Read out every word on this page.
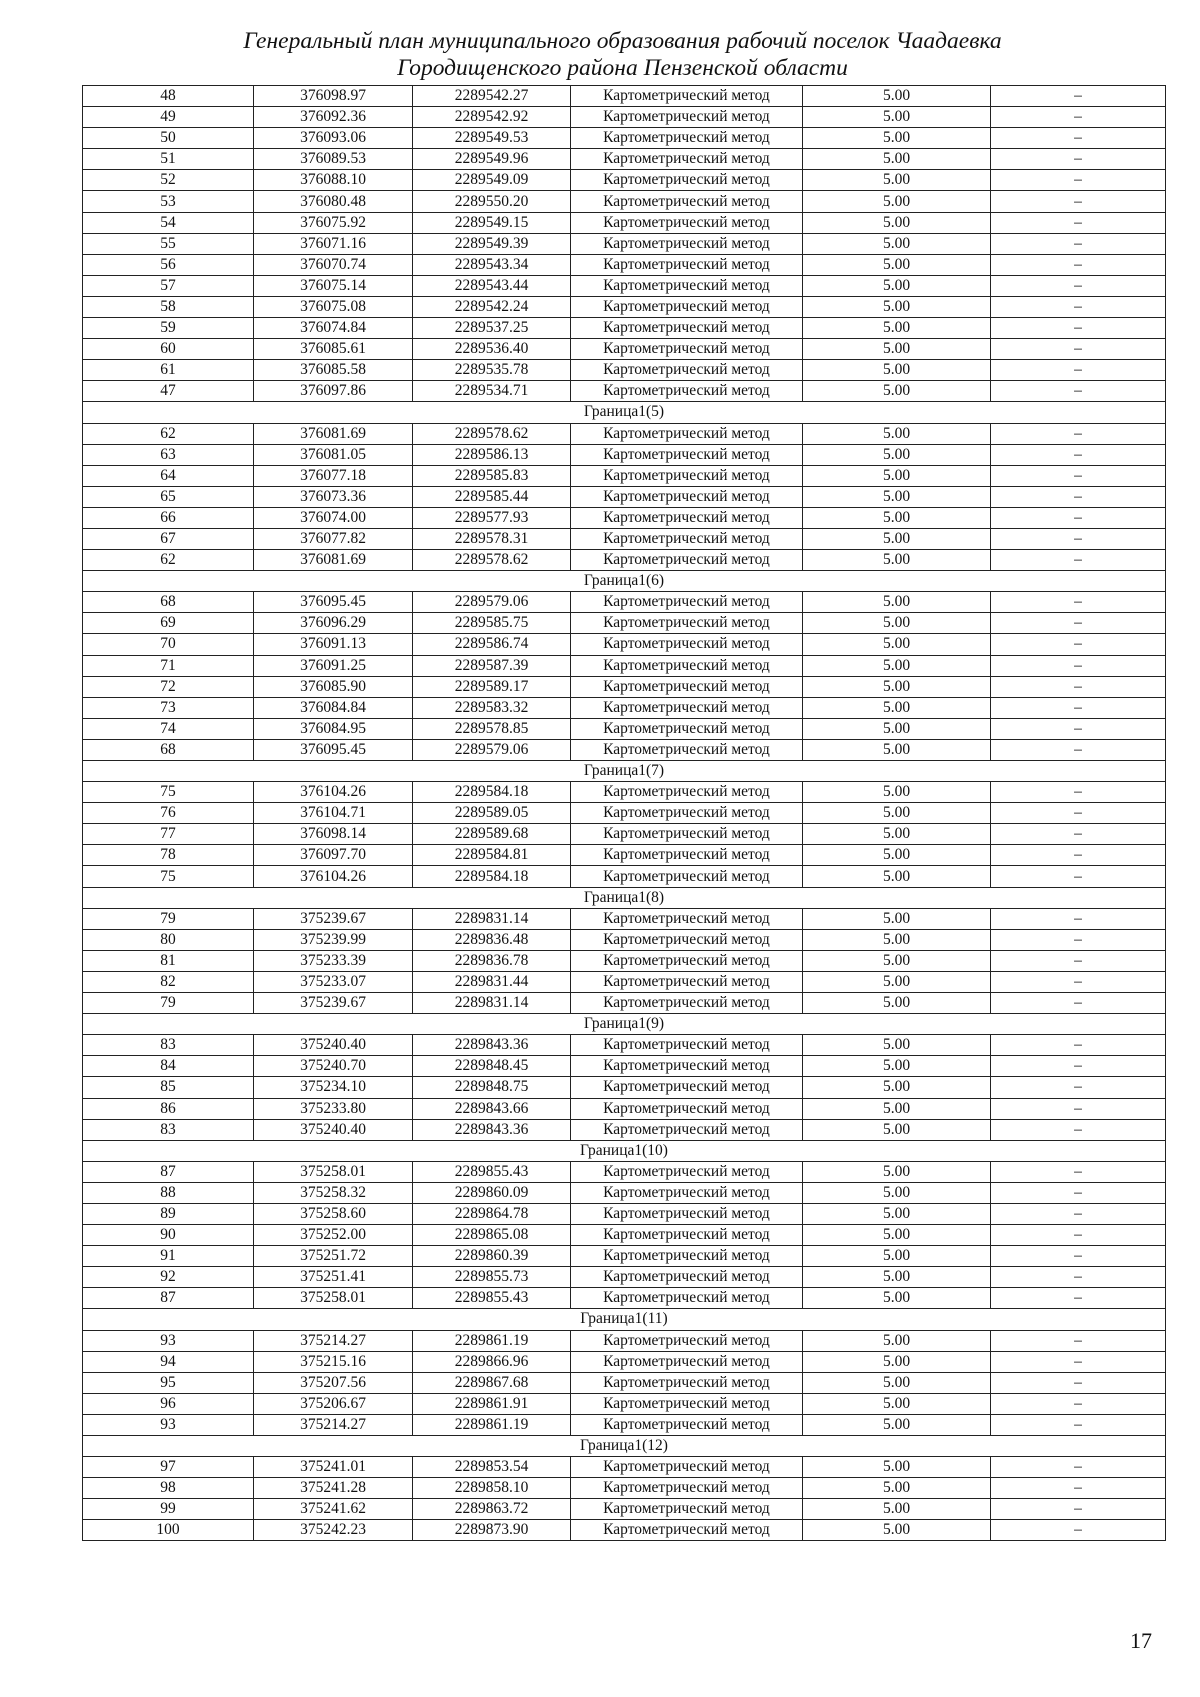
Генеральный план муниципального образования рабочий поселок Чаадаевка
Городищенского района Пензенской области
48	376098.97	2289542.27	Картометрический метод	5.00	–
49	376092.36	2289542.92	Картометрический метод	5.00	–
50	376093.06	2289549.53	Картометрический метод	5.00	–
51	376089.53	2289549.96	Картометрический метод	5.00	–
52	376088.10	2289549.09	Картометрический метод	5.00	–
53	376080.48	2289550.20	Картометрический метод	5.00	–
54	376075.92	2289549.15	Картометрический метод	5.00	–
55	376071.16	2289549.39	Картометрический метод	5.00	–
56	376070.74	2289543.34	Картометрический метод	5.00	–
57	376075.14	2289543.44	Картометрический метод	5.00	–
58	376075.08	2289542.24	Картометрический метод	5.00	–
59	376074.84	2289537.25	Картометрический метод	5.00	–
60	376085.61	2289536.40	Картометрический метод	5.00	–
61	376085.58	2289535.78	Картометрический метод	5.00	–
47	376097.86	2289534.71	Картометрический метод	5.00	–
Граница1(5)					
62	376081.69	2289578.62	Картометрический метод	5.00	–
63	376081.05	2289586.13	Картометрический метод	5.00	–
64	376077.18	2289585.83	Картометрический метод	5.00	–
65	376073.36	2289585.44	Картометрический метод	5.00	–
66	376074.00	2289577.93	Картометрический метод	5.00	–
67	376077.82	2289578.31	Картометрический метод	5.00	–
62	376081.69	2289578.62	Картометрический метод	5.00	–
Граница1(6)					
68	376095.45	2289579.06	Картометрический метод	5.00	–
69	376096.29	2289585.75	Картометрический метод	5.00	–
70	376091.13	2289586.74	Картометрический метод	5.00	–
71	376091.25	2289587.39	Картометрический метод	5.00	–
72	376085.90	2289589.17	Картометрический метод	5.00	–
73	376084.84	2289583.32	Картометрический метод	5.00	–
74	376084.95	2289578.85	Картометрический метод	5.00	–
68	376095.45	2289579.06	Картометрический метод	5.00	–
Граница1(7)					
75	376104.26	2289584.18	Картометрический метод	5.00	–
76	376104.71	2289589.05	Картометрический метод	5.00	–
77	376098.14	2289589.68	Картометрический метод	5.00	–
78	376097.70	2289584.81	Картометрический метод	5.00	–
75	376104.26	2289584.18	Картометрический метод	5.00	–
Граница1(8)					
79	375239.67	2289831.14	Картометрический метод	5.00	–
80	375239.99	2289836.48	Картометрический метод	5.00	–
81	375233.39	2289836.78	Картометрический метод	5.00	–
82	375233.07	2289831.44	Картометрический метод	5.00	–
79	375239.67	2289831.14	Картометрический метод	5.00	–
Граница1(9)					
83	375240.40	2289843.36	Картометрический метод	5.00	–
84	375240.70	2289848.45	Картометрический метод	5.00	–
85	375234.10	2289848.75	Картометрический метод	5.00	–
86	375233.80	2289843.66	Картометрический метод	5.00	–
83	375240.40	2289843.36	Картометрический метод	5.00	–
Граница1(10)					
87	375258.01	2289855.43	Картометрический метод	5.00	–
88	375258.32	2289860.09	Картометрический метод	5.00	–
89	375258.60	2289864.78	Картометрический метод	5.00	–
90	375252.00	2289865.08	Картометрический метод	5.00	–
91	375251.72	2289860.39	Картометрический метод	5.00	–
92	375251.41	2289855.73	Картометрический метод	5.00	–
87	375258.01	2289855.43	Картометрический метод	5.00	–
Граница1(11)					
93	375214.27	2289861.19	Картометрический метод	5.00	–
94	375215.16	2289866.96	Картометрический метод	5.00	–
95	375207.56	2289867.68	Картометрический метод	5.00	–
96	375206.67	2289861.91	Картометрический метод	5.00	–
93	375214.27	2289861.19	Картометрический метод	5.00	–
Граница1(12)					
97	375241.01	2289853.54	Картометрический метод	5.00	–
98	375241.28	2289858.10	Картометрический метод	5.00	–
99	375241.62	2289863.72	Картометрический метод	5.00	–
100	375242.23	2289873.90	Картометрический метод	5.00	–
17
